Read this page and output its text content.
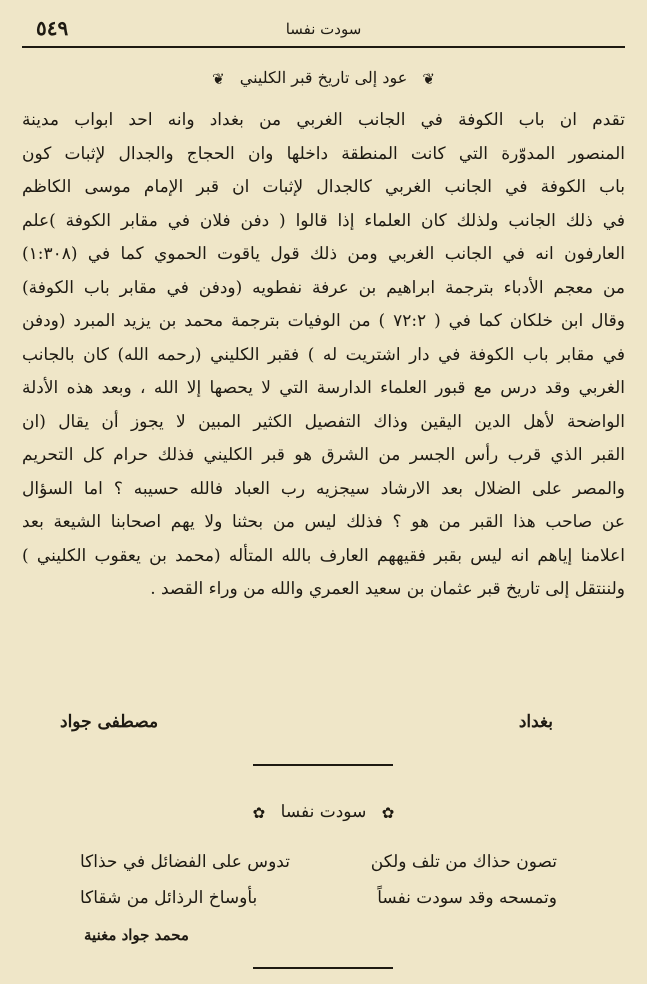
٥٤٩	سودت نفسا
❦ عود إلى تاريخ قبر الكليني ❦
تقدم ان باب الكوفة في الجانب الغربي من بغداد وانه احد ابواب مدينة
المنصور المدوّرة التي كانت المنطقة داخلها وان الحجاج والجدال لإثبات كون
باب الكوفة في الجانب الغربي كالجدال لإثبات ان قبر الإمام موسى الكاظم
في ذلك الجانب ولذلك كان العلماء إذا قالوا ( دفن فلان في مقابر الكوفة )علم
العارفون انه في الجانب الغربي ومن ذلك قول ياقوت الحموي كما في (١:٣٠٨)
من معجم الأدباء بترجمة ابراهيم بن عرفة نفطويه (ودفن في مقابر باب الكوفة)
وقال ابن خلكان كما في ( ٧٢:٢ ) من الوفيات بترجمة محمد بن يزيد المبرد (ودفن
في مقابر باب الكوفة في دار اشتريت له ) فقبر الكليني (رحمه الله) كان بالجانب
الغربي وقد درس مع قبور العلماء الدارسة التي لا يحصها إلا الله ، وبعد هذه الأدلة
الواضحة لأهل الدين اليقين وذاك التفصيل الكثير المبين لا يجوز أن يقال (ان
القبر الذي قرب رأس الجسر من الشرق هو قبر الكليني فذلك حرام كل التحريم
والمصر على الضلال بعد الارشاد سيجزيه رب العباد فالله حسيبه ؟ اما السؤال
عن صاحب هذا القبر من هو ؟ فذلك ليس من بحثنا ولا يهم اصحابنا الشيعة بعد
اعلامنا إياهم انه ليس بقبر فقيههم العارف بالله المتأله (محمد بن يعقوب الكليني )
ولننتقل إلى تاريخ قبر عثمان بن سعيد العمري والله من وراء القصد .
بغداد
مصطفى جواد
✿ سودت نفسا ✿
تصون حذاك من تلف ولكن
تدوس على الفضائل في حذاكا
وتمسحه وقد سودت نفساً
بأوساخ الرذائل من شقاكا
محمد جواد مغنية
